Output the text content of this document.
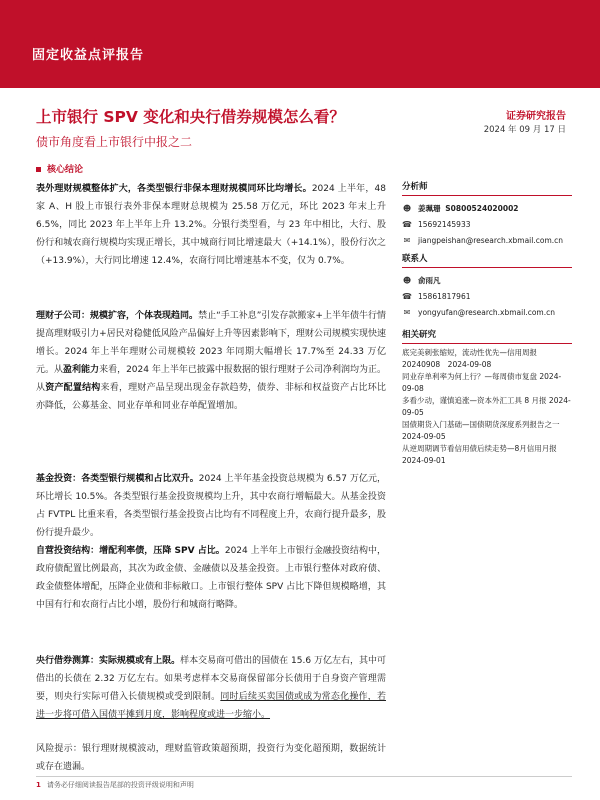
固定收益点评报告
上市银行 SPV 变化和央行借券规模怎么看？
债市角度看上市银行中报之二
证券研究报告
2024 年 09 月 17 日
核心结论

表外理财规模整体扩大，各类型银行非保本理财规模同环比均增长。2024 上半年，48 家 A、H 股上市银行表外非保本理财总规模为 25.58 万亿元，环比 2023 年末上升 6.5%，同比 2023 年上半年上升 13.2%。分银行类型看，与 23 年中相比，大行、股份行和城农商行规模均实现正增长，其中城商行同比增速最大（+14.1%），股份行次之（+13.9%），大行同比增速 12.4%，农商行同比增速基本不变，仅为 0.7%。

理财子公司：规模扩容，个体表现趋同。禁止“手工补息”引发存款搬家+上半年债牛行情提高理财吸引力+居民对稳健低风险产品偏好上升等因素影响下，理财公司规模实现快速增长。2024 年上半年理财公司规模较 2023 年同期大幅增长 17.7%至 24.33 万亿元。从盈利能力来看，2024 年上半年已披露中报数据的银行理财子公司净利润均为正。从资产配置结构来看，理财产品呈现出现金存款趋势，债券、非标和权益资产占比环比亦降低，公募基金、同业存单和同业存单配置增加。

基金投资：各类型银行规模和占比双升。2024 上半年基金投资总规模为 6.57 万亿元，环比增长 10.5%。各类型银行基金投资规模均上升，其中农商行增幅最大。从基金投资占 FVTPL 比重来看，各类型银行基金投资占比均有不同程度上升，农商行提升最多，股份行提升最少。

自营投资结构：增配利率债，压降 SPV 占比。2024 上半年上市银行金融投资结构中，政府债配置比例最高，其次为政金债、金融债以及基金投资。上市银行整体对政府债、政金债整体增配，压降企业债和非标敞口。上市银行整体 SPV 占比下降但规模略增，其中国有行和农商行占比小增，股份行和城商行略降。

央行借券测算：实际规模或有上限。样本交易商可借出的国债在 15.6 万亿左右，其中可借出的长债在 2.32 万亿左右。如果考虑样本交易商保留部分长债用于自身资产管理需要，则央行实际可借入长债规模或受到限制。同时后续买卖国债或成为常态化操作，若进一步将可借入国债平摊到月度，影响程度或进一步缩小。

风险提示：银行理财规模波动，理财监管政策超预期，投资行为变化超预期，数据统计或存在遗漏。

分析师
☻ 姜珮珊
S0800524020002
☎ 15692145933
✉ jiangpeishan@research.xbmail.com.cn
联系人
☻ 俞雨凡
☎ 15861817961
✉ yongyufan@research.xbmail.com.cn
相关研究
底完美刺张缩短，流动性优先—信用周报 20240908　2024-09-08
同业存单利率为何上行？—每周债市复盘 2024-09-08
多看少动，谨慎追涨—资本外汇工具 8 月报 2024-09-05
国债期货入门基础—国债期货深度系列报告之一　2024-09-05
从逆周期调节看信用债后续走势—8月信用月报　2024-09-01
1 请务必仔细阅读报告尾部的投资评级说明和声明
